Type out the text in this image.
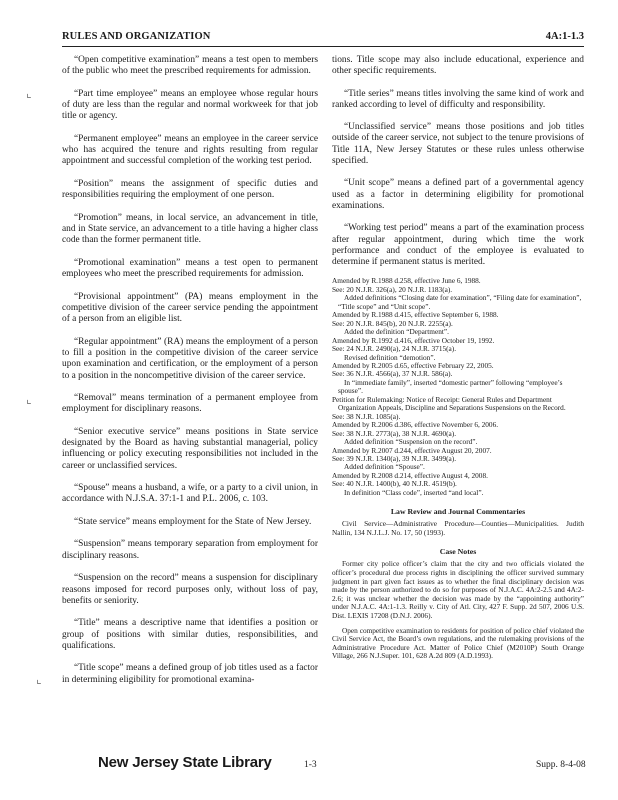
RULES AND ORGANIZATION	4A:1-1.3

“Open competitive examination” means a test open to members of the public who meet the prescribed requirements for admission.

“Part time employee” means an employee whose regular hours of duty are less than the regular and normal workweek for that job title or agency.

“Permanent employee” means an employee in the career service who has acquired the tenure and rights resulting from regular appointment and successful completion of the working test period.

“Position” means the assignment of specific duties and responsibilities requiring the employment of one person.

“Promotion” means, in local service, an advancement in title, and in State service, an advancement to a title having a higher class code than the former permanent title.

“Promotional examination” means a test open to permanent employees who meet the prescribed requirements for admission.

“Provisional appointment” (PA) means employment in the competitive division of the career service pending the appointment of a person from an eligible list.

“Regular appointment” (RA) means the employment of a person to fill a position in the competitive division of the career service upon examination and certification, or the employment of a person to a position in the noncompetitive division of the career service.

“Removal” means termination of a permanent employee from employment for disciplinary reasons.

“Senior executive service” means positions in State service designated by the Board as having substantial managerial, policy influencing or policy executing responsibilities not included in the career or unclassified services.

“Spouse” means a husband, a wife, or a party to a civil union, in accordance with N.J.S.A. 37:1-1 and P.L. 2006, c. 103.

“State service” means employment for the State of New Jersey.

“Suspension” means temporary separation from employment for disciplinary reasons.

“Suspension on the record” means a suspension for disciplinary reasons imposed for record purposes only, without loss of pay, benefits or seniority.

“Title” means a descriptive name that identifies a position or group of positions with similar duties, responsibilities, and qualifications.

“Title scope” means a defined group of job titles used as a factor in determining eligibility for promotional examina-

tions. Title scope may also include educational, experience and other specific requirements.

“Title series” means titles involving the same kind of work and ranked according to level of difficulty and responsibility.

“Unclassified service” means those positions and job titles outside of the career service, not subject to the tenure provisions of Title 11A, New Jersey Statutes or these rules unless otherwise specified.

“Unit scope” means a defined part of a governmental agency used as a factor in determining eligibility for promotional examinations.

“Working test period” means a part of the examination process after regular appointment, during which time the work performance and conduct of the employee is evaluated to determine if permanent status is merited.

Amended by R.1988 d.258, effective June 6, 1988.
See: 20 N.J.R. 326(a), 20 N.J.R. 1183(a).
Added definitions “Closing date for examination”, “Filing date for examination”, “Title scope” and “Unit scope”.
Amended by R.1988 d.415, effective September 6, 1988.
See: 20 N.J.R. 845(b), 20 N.J.R. 2255(a).
Added the definition “Department”.
Amended by R.1992 d.416, effective October 19, 1992.
See: 24 N.J.R. 2490(a), 24 N.J.R. 3715(a).
Revised definition “demotion”.
Amended by R.2005 d.65, effective February 22, 2005.
See: 36 N.J.R. 4566(a), 37 N.J.R. 586(a).
In “immediate family”, inserted “domestic partner” following “employee’s spouse”.
Petition for Rulemaking: Notice of Receipt: General Rules and Department Organization Appeals, Discipline and Separations Suspensions on the Record.
See: 38 N.J.R. 1085(a).
Amended by R.2006 d.386, effective November 6, 2006.
See: 38 N.J.R. 2773(a), 38 N.J.R. 4690(a).
Added definition “Suspension on the record”.
Amended by R.2007 d.244, effective August 20, 2007.
See: 39 N.J.R. 1340(a), 39 N.J.R. 3499(a).
Added definition “Spouse”.
Amended by R.2008 d.214, effective August 4, 2008.
See: 40 N.J.R. 1400(b), 40 N.J.R. 4519(b).
In definition “Class code”, inserted “and local”.
Law Review and Journal Commentaries

Civil Service—Administrative Procedure—Counties—Municipalities. Judith Nallin, 134 N.J.L.J. No. 17, 50 (1993).

Case Notes

Former city police officer’s claim that the city and two officials violated the officer’s procedural due process rights in disciplining the officer survived summary judgment in part given fact issues as to whether the final disciplinary decision was made by the person authorized to do so for purposes of N.J.A.C. 4A:2-2.5 and 4A:2-2.6; it was unclear whether the decision was made by the “appointing authority” under N.J.A.C. 4A:1-1.3. Reilly v. City of Atl. City, 427 F. Supp. 2d 507, 2006 U.S. Dist. LEXIS 17208 (D.N.J. 2006).

Open competitive examination to residents for position of police chief violated the Civil Service Act, the Board’s own regulations, and the rulemaking provisions of the Administrative Procedure Act. Matter of Police Chief (M2010P) South Orange Village, 266 N.J.Super. 101, 628 A.2d 809 (A.D.1993).

⌞
⌞
⌞
New Jersey State Library	1-3	Supp. 8-4-08
